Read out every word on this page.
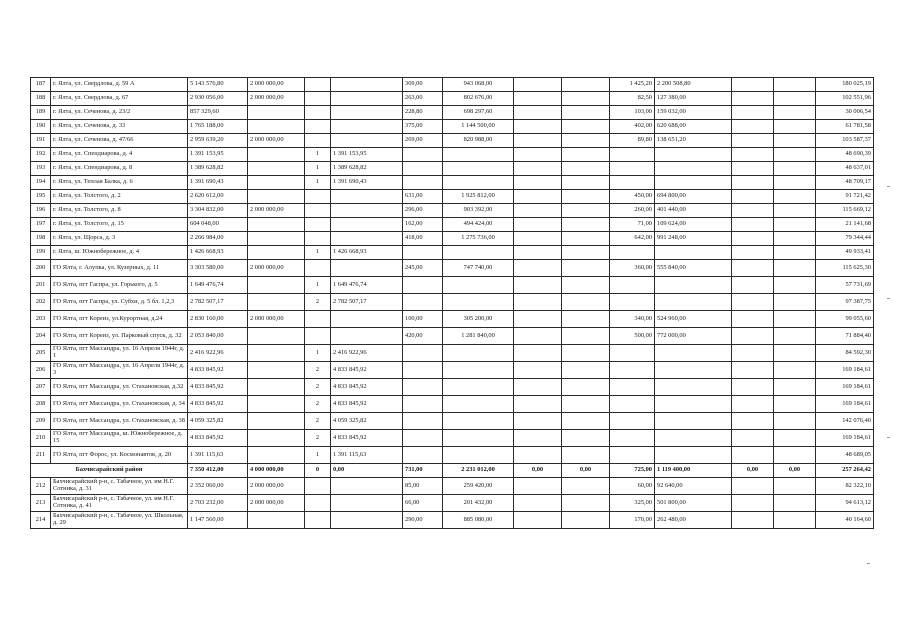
187	г. Ялта, ул. Свердлова, д. 59 А	5 143 576,80	2 000 000,00			309,00	943 068,00			1 425,20	2 200 508,80			180 025,19
188	г. Ялта, ул. Свердлова, д. 67	2 930 056,00	2 000 000,00			263,00	802 676,00			82,50	127 380,00			102 551,96
189	г. Ялта, ул. Сеченова, д. 23/2	857 329,60				228,80	698 297,60			103,00	159 032,00			30 006,54
190	г. Ялта, ул. Сеченова, д. 33	1 765 188,00				375,00	1 144 500,00			402,00	620 688,00			61 781,58
191	г. Ялта, ул. Сеченова, д. 47/66	2 959 639,20	2 000 000,00			269,00	820 988,00			89,80	138 651,20			103 587,37
192	г. Ялта, ул. Спендиарова, д. 4	1 391 153,95		1	1 391 153,95									48 690,39
193	г. Ялта, ул. Спендиарова, д. 8	1 389 628,82		1	1 389 628,82									48 637,01
194	г. Ялта, ул. Теплая Балка, д. 6	1 391 690,43		1	1 391 690,43									48 709,17
195	г. Ялта, ул. Толстого, д. 2	2 620 612,00				631,00	1 925 812,00			450,00	694 800,00			91 721,42
196	г. Ялта, ул. Толстого, д. 8	3 304 832,00	2 000 000,00			296,00	903 392,00			260,00	401 440,00			115 669,12
197	г. Ялта, ул. Толстого, д. 15	604 048,00				162,00	494 424,00			71,00	109 624,00			21 141,68
198	г. Ялта, ул. Щорса, д. 3	2 266 984,00				418,00	1 275 736,00			642,00	991 248,00			79 344,44
199	г. Ялта, ш. Южнобережное, д. 4	1 426 668,93		1	1 426 668,93									49 933,41
200	ГО Ялта, г. Алупка, ул. Кузерных, д. 11	3 303 580,00	2 000 000,00			245,00	747 740,00			360,00	555 840,00			115 625,30
201	ГО Ялта, пгт Гаспра, ул. Горького, д. 5	1 649 476,74		1	1 649 476,74									57 731,69
202	ГО Ялта, пгт Гаспра, ул. Субхи, д. 5 бл. 1,2,3	2 782 507,17		2	2 782 507,17									97 387,75
203	ГО Ялта, пгт Кореиз, ул.Курортная, д.24	2 830 160,00	2 000 000,00			100,00	305 200,00			340,00	524 960,00			99 055,60
204	ГО Ялта, пгт Кореиз, ул. Парковый спуск, д. 32	2 053 840,00				420,00	1 281 840,00			500,00	772 000,00			71 884,40
205	ГО Ялта, пгт Массандра, ул. 16 Апреля 1944г, д. 1	2 416 922,96		1	2 416 922,96									84 592,30
206	ГО Ялта, пгт Массандра, ул. 16 Апреля 1944г, д. 3	4 833 845,92		2	4 833 845,92									169 184,61
207	ГО Ялта, пгт Массандра, ул. Стахановская, д.32	4 833 845,92		2	4 833 845,92									169 184,61
208	ГО Ялта, пгт Массандра, ул. Стахановская, д. 34	4 833 845,92		2	4 833 845,92									169 184,61
209	ГО Ялта, пгт Массандра, ул. Стахановская, д. 38	4 059 325,82		2	4 059 325,82									142 076,40
210	ГО Ялта, пгт Массандра, ш. Южнобережное, д. 15	4 833 845,92		2	4 833 845,92									169 184,61
211	ГО Ялта, пгт Форос, ул. Космонавтов, д. 20	1 391 115,63		1	1 391 115,63									48 689,05
Бахчисарайский район		7 350 412,00	4 000 000,00	0	0,00	731,00	2 231 012,00	0,00	0,00	725,00	1 119 400,00	0,00	0,00	257 264,42
212	Бахчисарайский р-н, с. Табачное, ул. им Н.Г. Сотника, д. 31	2 352 060,00	2 000 000,00			85,00	259 420,00			60,00	92 640,00			82 322,10
213	Бахчисарайский р-н, с. Табачное, ул. им Н.Г. Сотника, д. 41	2 703 232,00	2 000 000,00			66,00	201 432,00			325,00	501 800,00			94 613,12
214	Бахчисарайский р-н, с. Табачное, ул. Школьная, д. 29	1 147 560,00				290,00	885 080,00			170,00	262 480,00			40 164,60
